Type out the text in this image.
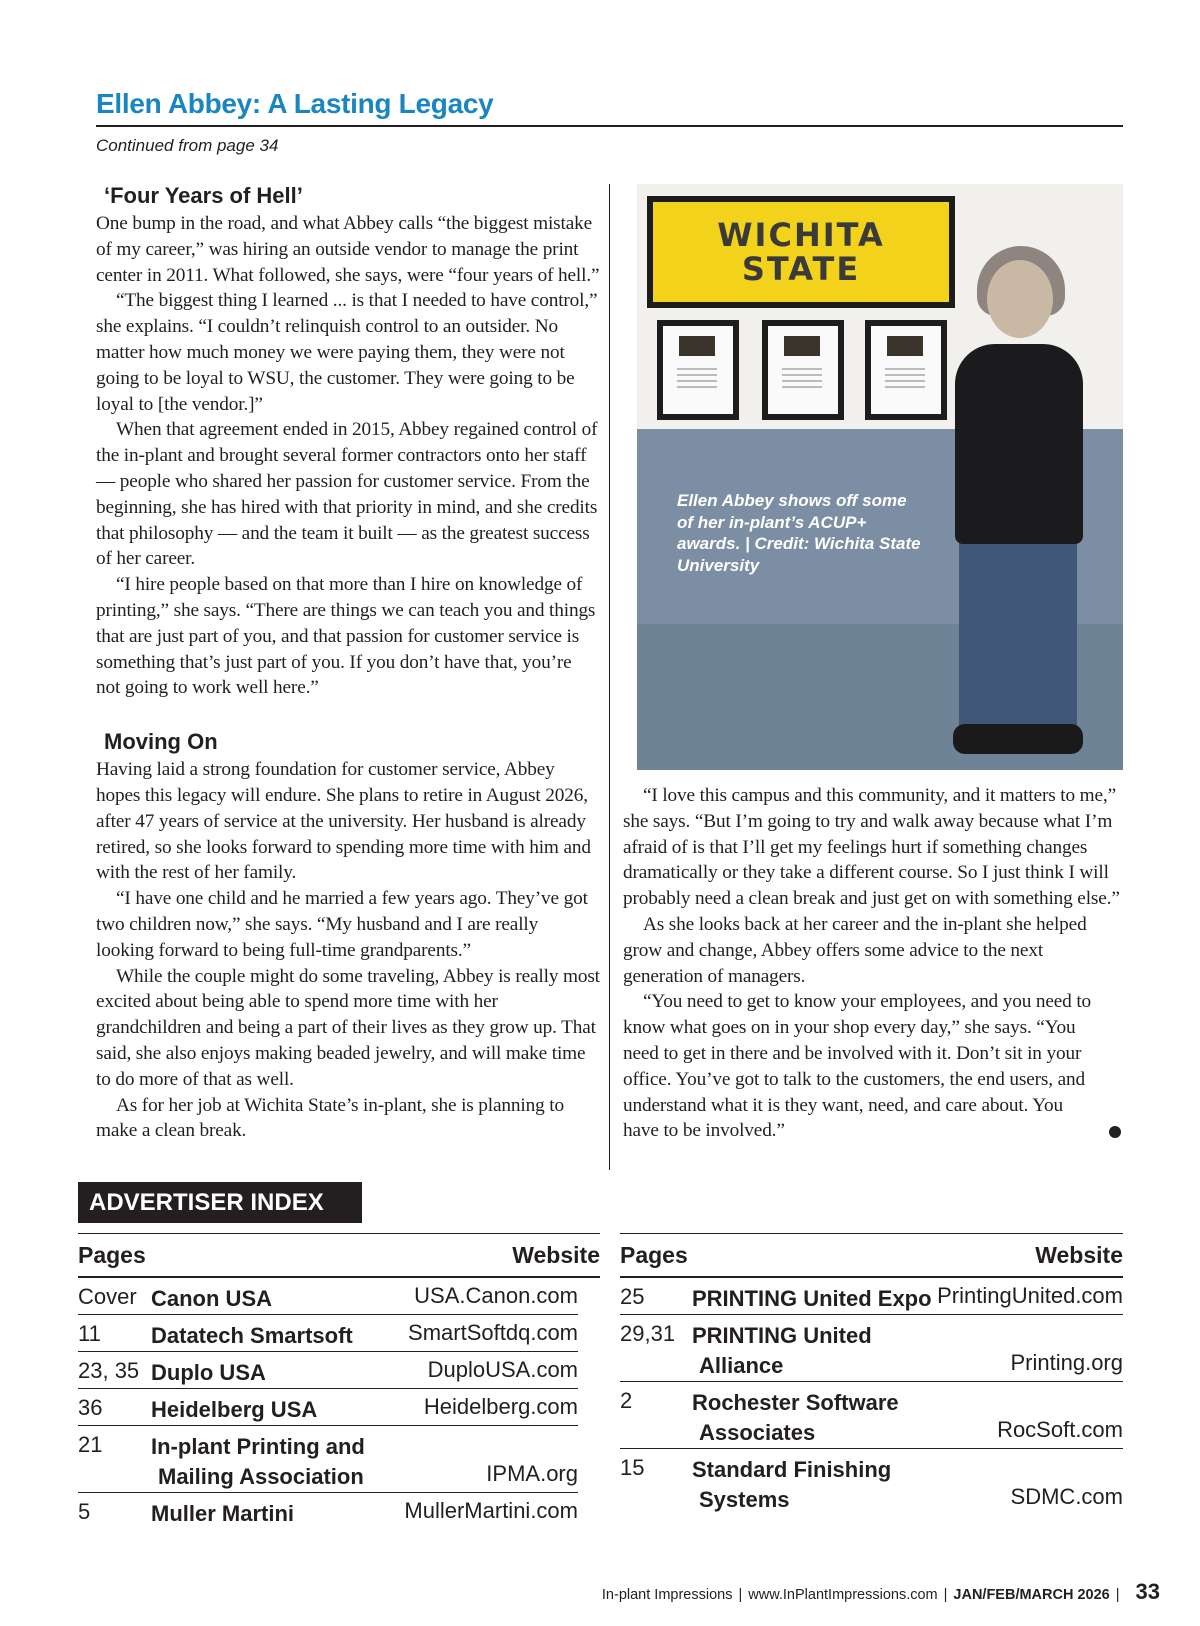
Ellen Abbey: A Lasting Legacy
Continued from page 34
‘Four Years of Hell’

One bump in the road, and what Abbey calls “the biggest mistake of my career,” was hiring an outside vendor to manage the print center in 2011. What followed, she says, were “four years of hell.”

“The biggest thing I learned ... is that I needed to have control,” she explains. “I couldn’t relinquish control to an outsider. No matter how much money we were paying them, they were not going to be loyal to WSU, the customer. They were going to be loyal to [the vendor.]”

When that agreement ended in 2015, Abbey regained control of the in-plant and brought several former contractors onto her staff — people who shared her passion for customer service. From the beginning, she has hired with that priority in mind, and she credits that philosophy — and the team it built — as the greatest success of her career.

“I hire people based on that more than I hire on knowledge of printing,” she says. “There are things we can teach you and things that are just part of you, and that passion for customer service is something that’s just part of you. If you don’t have that, you’re not going to work well here.”

Moving On

Having laid a strong foundation for customer service, Abbey hopes this legacy will endure. She plans to retire in August 2026, after 47 years of service at the university. Her husband is already retired, so she looks forward to spending more time with him and with the rest of her family.

“I have one child and he married a few years ago. They’ve got two children now,” she says. “My husband and I are really looking forward to being full-time grandparents.”

While the couple might do some traveling, Abbey is really most excited about being able to spend more time with her grandchildren and being a part of their lives as they grow up. That said, she also enjoys making beaded jewelry, and will make time to do more of that as well.

As for her job at Wichita State’s in-plant, she is planning to make a clean break.

WICHITA
STATE
Ellen Abbey shows off some of her in-plant’s ACUP+ awards. | Credit: Wichita State University

“I love this campus and this community, and it matters to me,” she says. “But I’m going to try and walk away because what I’m afraid of is that I’ll get my feelings hurt if something changes dramatically or they take a different course. So I just think I will probably need a clean break and just get on with something else.”

As she looks back at her career and the in-plant she helped grow and change, Abbey offers some advice to the next generation of managers.

“You need to get to know your employees, and you need to know what goes on in your shop every day,” she says. “You need to get in there and be involved with it. Don’t sit in your office. You’ve got to talk to the customers, the end users, and understand what it is they want, need, and care about. You have to be involved.”

ADVERTISER INDEX
Pages	Website
Cover Canon USA	USA.Canon.com
11 Datatech Smartsoft	SmartSoftdq.com
23, 35 Duplo USA	DuploUSA.com
36 Heidelberg USA	Heidelberg.com
21 In-plant Printing and
Mailing Association	IPMA.org
5	Muller Martini	MullerMartini.com
Pages	Website
25 PRINTING United Expo PrintingUnited.com
29,31 PRINTING United
Alliance	Printing.org
2	Rochester Software
Associates	RocSoft.com
15 Standard Finishing
Systems	SDMC.com
In-plant Impressions | www.InPlantImpressions.com | JAN/FEB/MARCH 2026 | 33
